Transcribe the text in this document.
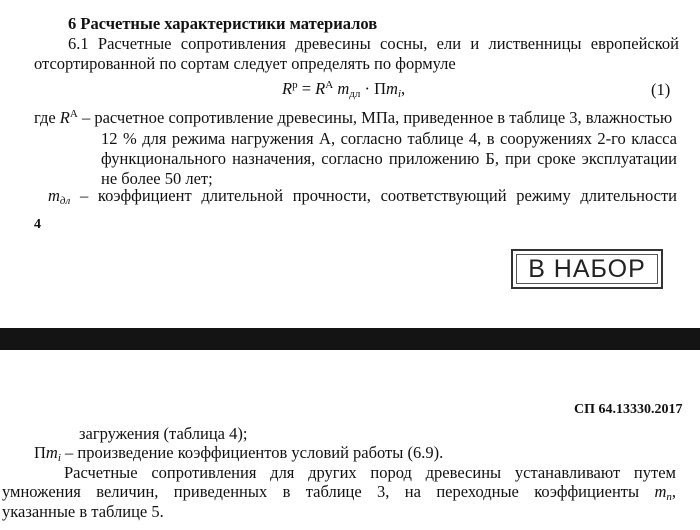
6 Расчетные характеристики материалов
6.1 Расчетные сопротивления древесины сосны, ели и лиственницы европейской
отсортированной по сортам следует определять по формуле
$R^р = R^А$ $m_{дл} \cdot Пm_i$,	(1)
где $R^А$ – расчетное сопротивление древесины, МПа, приведенное в таблице 3, влажностью
12 % для режима нагружения А, согласно таблице 4, в сооружениях 2-го класса
функционального назначения, согласно приложению Б, при сроке эксплуатации
не более 50 лет;
$m_{дл}$ – коэффициент длительной прочности, соответствующий режиму длительности
4
В НАБОР
СП 64.13330.2017
загружения (таблица 4);
$Пm_i$ – произведение коэффициентов условий работы (6.9).
Расчетные сопротивления для других пород древесины устанавливают путем
умножения величин, приведенных в таблице 3, на переходные коэффициенты $m_п$,
указанные в таблице 5.
